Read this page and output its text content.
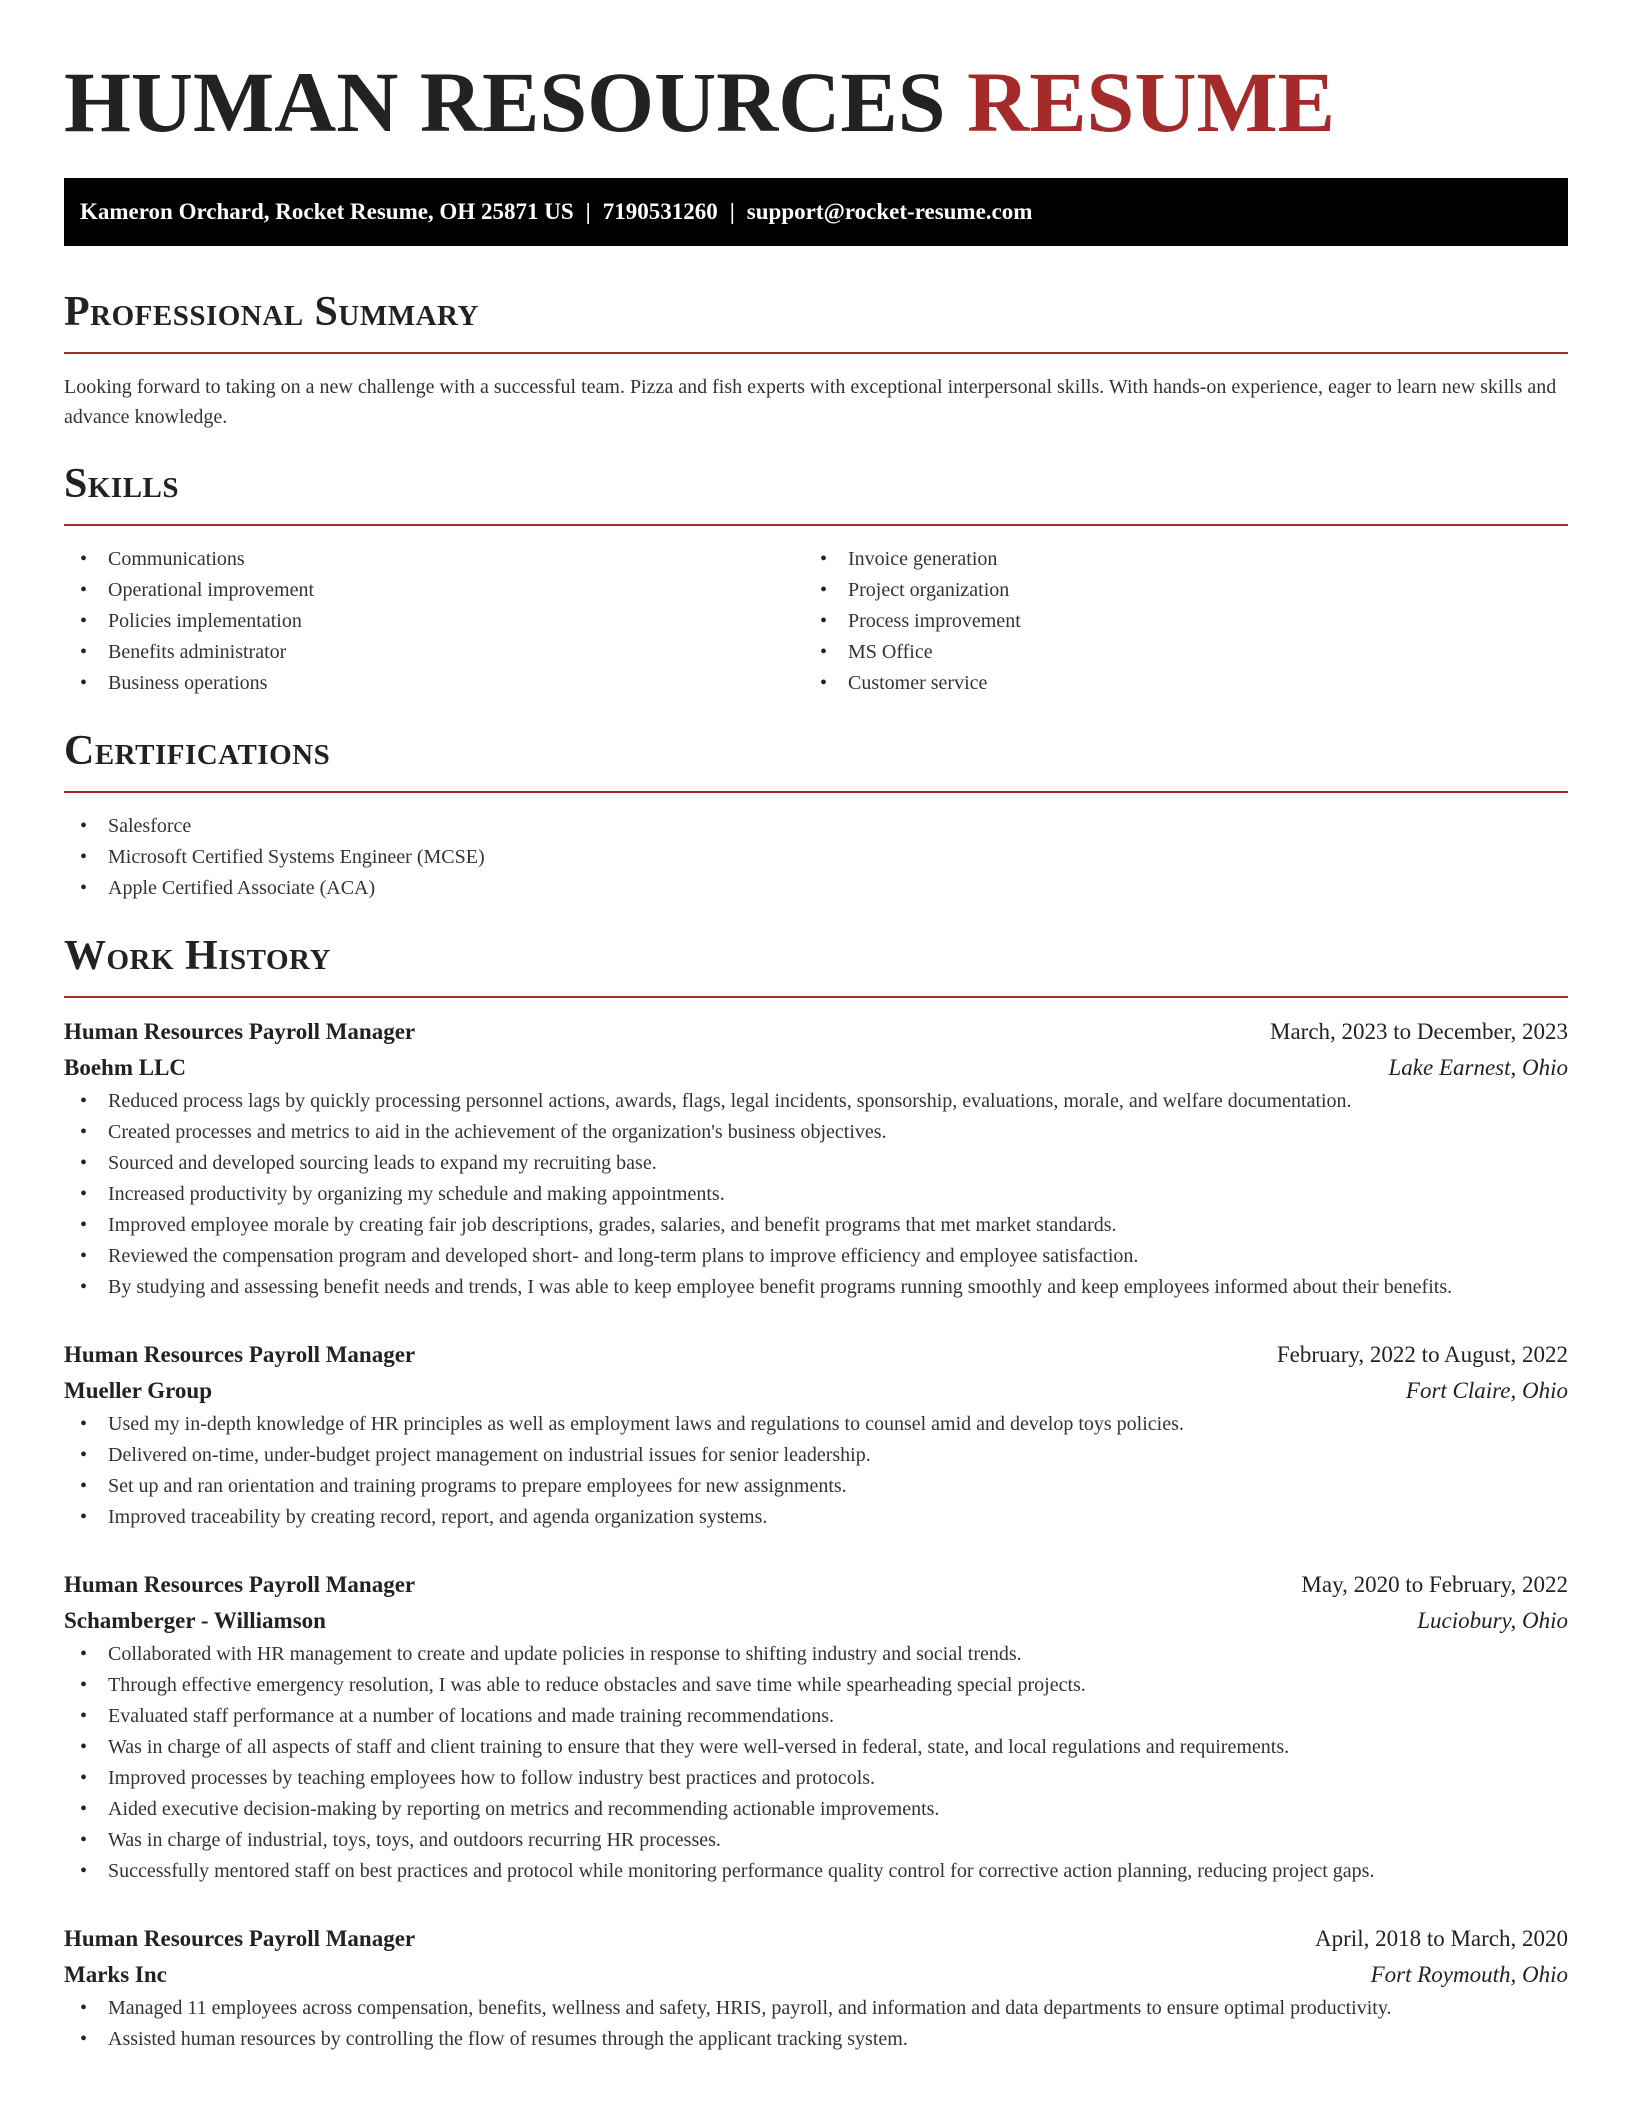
HUMAN RESOURCES RESUME
Kameron Orchard, Rocket Resume, OH 25871 US | 7190531260 | support@rocket-resume.com
Professional Summary

Looking forward to taking on a new challenge with a successful team. Pizza and fish experts with exceptional interpersonal skills. With hands-on experience, eager to learn new skills and advance knowledge.

Skills
• Communications
• Operational improvement
• Policies implementation
• Benefits administrator
• Business operations
• Invoice generation
• Project organization
• Process improvement
• MS Office
• Customer service
Certifications
• Salesforce
• Microsoft Certified Systems Engineer (MCSE)
• Apple Certified Associate (ACA)
Work History
Human Resources Payroll Manager	March, 2023 to December, 2023
Boehm LLC	Lake Earnest, Ohio
• Reduced process lags by quickly processing personnel actions, awards, flags, legal incidents, sponsorship, evaluations, morale, and welfare documentation.
• Created processes and metrics to aid in the achievement of the organization's business objectives.
• Sourced and developed sourcing leads to expand my recruiting base.
• Increased productivity by organizing my schedule and making appointments.
• Improved employee morale by creating fair job descriptions, grades, salaries, and benefit programs that met market standards.
• Reviewed the compensation program and developed short- and long-term plans to improve efficiency and employee satisfaction.
• By studying and assessing benefit needs and trends, I was able to keep employee benefit programs running smoothly and keep employees informed about their benefits.
Human Resources Payroll Manager	February, 2022 to August, 2022
Mueller Group	Fort Claire, Ohio
• Used my in-depth knowledge of HR principles as well as employment laws and regulations to counsel amid and develop toys policies.
• Delivered on-time, under-budget project management on industrial issues for senior leadership.
• Set up and ran orientation and training programs to prepare employees for new assignments.
• Improved traceability by creating record, report, and agenda organization systems.
Human Resources Payroll Manager	May, 2020 to February, 2022
Schamberger - Williamson	Luciobury, Ohio
• Collaborated with HR management to create and update policies in response to shifting industry and social trends.
• Through effective emergency resolution, I was able to reduce obstacles and save time while spearheading special projects.
• Evaluated staff performance at a number of locations and made training recommendations.
• Was in charge of all aspects of staff and client training to ensure that they were well-versed in federal, state, and local regulations and requirements.
• Improved processes by teaching employees how to follow industry best practices and protocols.
• Aided executive decision-making by reporting on metrics and recommending actionable improvements.
• Was in charge of industrial, toys, toys, and outdoors recurring HR processes.
• Successfully mentored staff on best practices and protocol while monitoring performance quality control for corrective action planning, reducing project gaps.
Human Resources Payroll Manager	April, 2018 to March, 2020
Marks Inc	Fort Roymouth, Ohio
• Managed 11 employees across compensation, benefits, wellness and safety, HRIS, payroll, and information and data departments to ensure optimal productivity.
• Assisted human resources by controlling the flow of resumes through the applicant tracking system.
